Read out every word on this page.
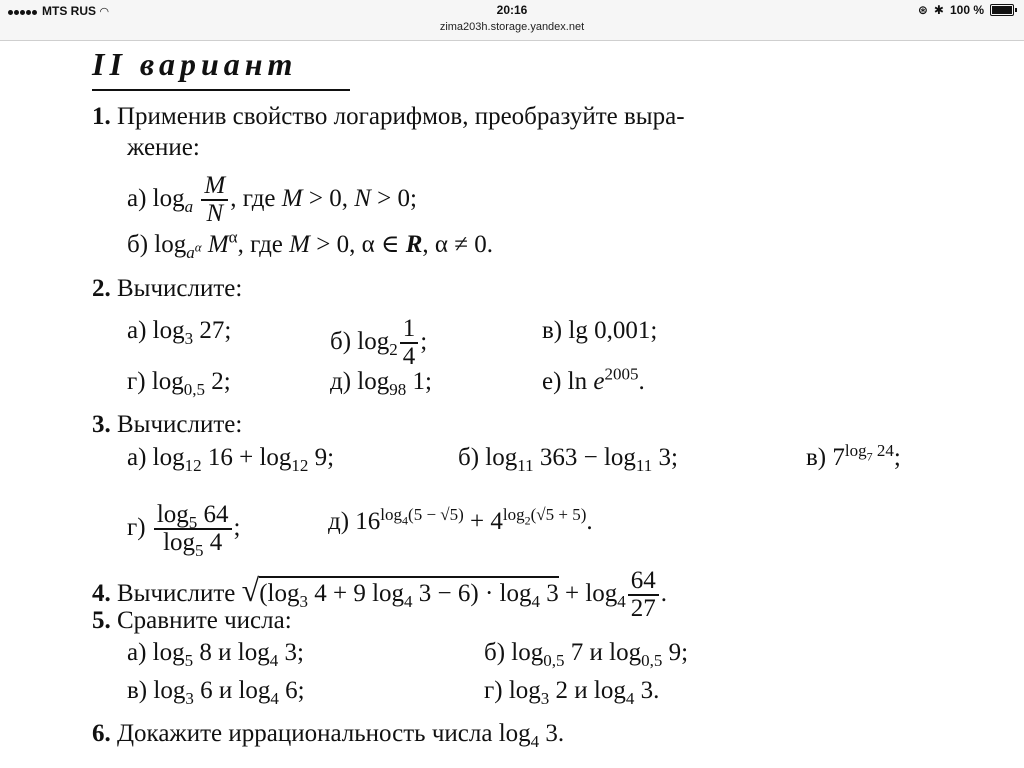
MTS RUS ◠	20:16
zima203h.storage.yandex.net
⊛ ✱ 100 %
II вариант
1. Применив свойство логарифмов, преобразуйте выра-
жение:
а) $\log_a \frac{M}{N}$ , где M > 0, N > 0;
б) $\log_{a^\alpha} M^\alpha$, где M > 0, α ∈ R, α ≠ 0.
2. Вычислите:
а) $\log_3 27$;	б) $\log_2 \frac{1}{4}$ ;	в) lg 0,001;
г) $\log_{0,5} 2$;	д) $\log_{98} 1$;	е) $\ln e^{2005}$.
3. Вычислите:
а) $\log_{12} 16 + \log_{12} 9$;	б) $\log_{11} 363 - \log_{11} 3$;	в) $7^{log_7 24}$;
$г) \frac{\log_5 64}{\log_5 4}$ ;	д) $16^{log_4(5 - √5)} + 4^{log_2(√5 + 5)}$.
4. Вычислите $√(\log_3$ 4 + 9 $\log_4 3 - 6) \cdot \log_4 3 + \log_4 \frac{64}{27}$ .
5. Сравните числа:
а) $\log_5 8$ и $\log_4 3$;	б) $\log_{0,5} 7$ и $\log_{0,5} 9$;
в) $\log_3 6$ и $\log_4 6$;	г) $\log_3 2$ и $\log_4 3$.
6. Докажите иррациональность числа $\log_4 3$.
